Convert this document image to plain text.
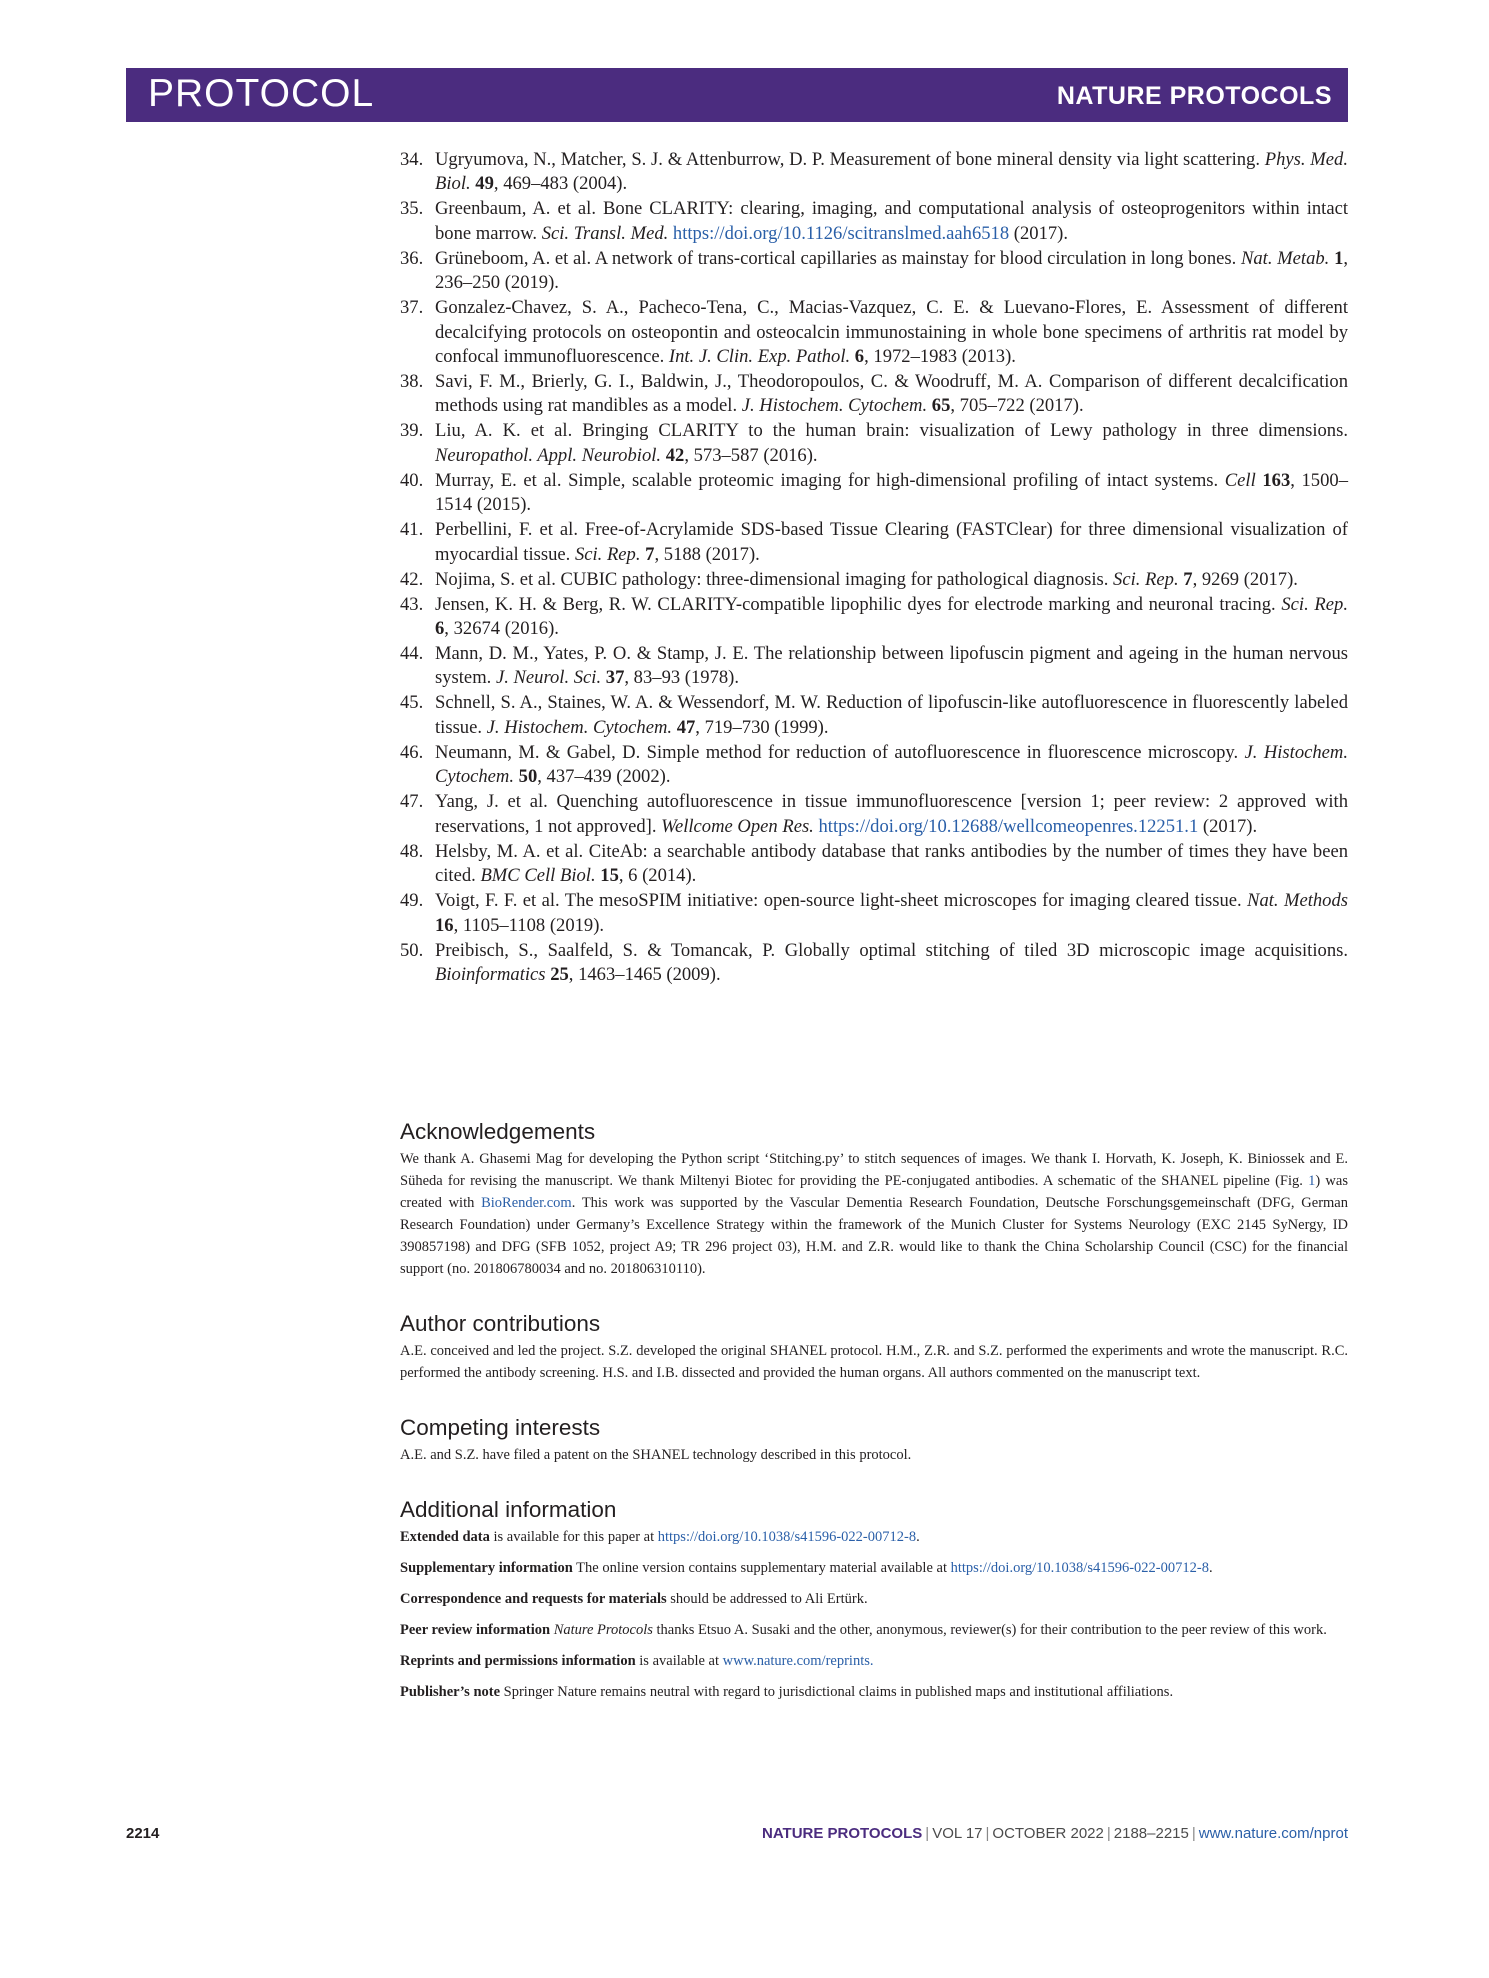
PROTOCOL	NATURE PROTOCOLS
34. Ugryumova, N., Matcher, S. J. & Attenburrow, D. P. Measurement of bone mineral density via light scattering. Phys. Med. Biol. 49, 469–483 (2004).
35. Greenbaum, A. et al. Bone CLARITY: clearing, imaging, and computational analysis of osteoprogenitors within intact bone marrow. Sci. Transl. Med. https://doi.org/10.1126/scitranslmed.aah6518 (2017).
36. Grüneboom, A. et al. A network of trans-cortical capillaries as mainstay for blood circulation in long bones. Nat. Metab. 1, 236–250 (2019).
37. Gonzalez-Chavez, S. A., Pacheco-Tena, C., Macias-Vazquez, C. E. & Luevano-Flores, E. Assessment of different decalcifying protocols on osteopontin and osteocalcin immunostaining in whole bone specimens of arthritis rat model by confocal immunofluorescence. Int. J. Clin. Exp. Pathol. 6, 1972–1983 (2013).
38. Savi, F. M., Brierly, G. I., Baldwin, J., Theodoropoulos, C. & Woodruff, M. A. Comparison of different decalcification methods using rat mandibles as a model. J. Histochem. Cytochem. 65, 705–722 (2017).
39. Liu, A. K. et al. Bringing CLARITY to the human brain: visualization of Lewy pathology in three dimensions. Neuropathol. Appl. Neurobiol. 42, 573–587 (2016).
40. Murray, E. et al. Simple, scalable proteomic imaging for high-dimensional profiling of intact systems. Cell 163, 1500–1514 (2015).
41. Perbellini, F. et al. Free-of-Acrylamide SDS-based Tissue Clearing (FASTClear) for three dimensional visualization of myocardial tissue. Sci. Rep. 7, 5188 (2017).
42. Nojima, S. et al. CUBIC pathology: three-dimensional imaging for pathological diagnosis. Sci. Rep. 7, 9269 (2017).
43. Jensen, K. H. & Berg, R. W. CLARITY-compatible lipophilic dyes for electrode marking and neuronal tracing. Sci. Rep. 6, 32674 (2016).
44. Mann, D. M., Yates, P. O. & Stamp, J. E. The relationship between lipofuscin pigment and ageing in the human nervous system. J. Neurol. Sci. 37, 83–93 (1978).
45. Schnell, S. A., Staines, W. A. & Wessendorf, M. W. Reduction of lipofuscin-like autofluorescence in fluorescently labeled tissue. J. Histochem. Cytochem. 47, 719–730 (1999).
46. Neumann, M. & Gabel, D. Simple method for reduction of autofluorescence in fluorescence microscopy. J. Histochem. Cytochem. 50, 437–439 (2002).
47. Yang, J. et al. Quenching autofluorescence in tissue immunofluorescence [version 1; peer review: 2 approved with reservations, 1 not approved]. Wellcome Open Res. https://doi.org/10.12688/wellcomeopenres.12251.1 (2017).
48. Helsby, M. A. et al. CiteAb: a searchable antibody database that ranks antibodies by the number of times they have been cited. BMC Cell Biol. 15, 6 (2014).
49. Voigt, F. F. et al. The mesoSPIM initiative: open-source light-sheet microscopes for imaging cleared tissue. Nat. Methods 16, 1105–1108 (2019).
50. Preibisch, S., Saalfeld, S. & Tomancak, P. Globally optimal stitching of tiled 3D microscopic image acquisitions. Bioinformatics 25, 1463–1465 (2009).
Acknowledgements

We thank A. Ghasemi Mag for developing the Python script ‘Stitching.py’ to stitch sequences of images. We thank I. Horvath, K. Joseph, K. Biniossek and E. Süheda for revising the manuscript. We thank Miltenyi Biotec for providing the PE-conjugated antibodies. A schematic of the SHANEL pipeline (Fig. 1) was created with BioRender.com. This work was supported by the Vascular Dementia Research Foundation, Deutsche Forschungsgemeinschaft (DFG, German Research Foundation) under Germany’s Excellence Strategy within the framework of the Munich Cluster for Systems Neurology (EXC 2145 SyNergy, ID 390857198) and DFG (SFB 1052, project A9; TR 296 project 03), H.M. and Z.R. would like to thank the China Scholarship Council (CSC) for the financial support (no. 201806780034 and no. 201806310110).

Author contributions

A.E. conceived and led the project. S.Z. developed the original SHANEL protocol. H.M., Z.R. and S.Z. performed the experiments and wrote the manuscript. R.C. performed the antibody screening. H.S. and I.B. dissected and provided the human organs. All authors commented on the manuscript text.

Competing interests

A.E. and S.Z. have filed a patent on the SHANEL technology described in this protocol.

Additional information

Extended data is available for this paper at https://doi.org/10.1038/s41596-022-00712-8.

Supplementary information The online version contains supplementary material available at https://doi.org/10.1038/s41596-022-00712-8.

Correspondence and requests for materials should be addressed to Ali Ertürk.

Peer review information Nature Protocols thanks Etsuo A. Susaki and the other, anonymous, reviewer(s) for their contribution to the peer review of this work.

Reprints and permissions information is available at www.nature.com/reprints.

Publisher’s note Springer Nature remains neutral with regard to jurisdictional claims in published maps and institutional affiliations.

2214	NATURE PROTOCOLS | VOL 17 | OCTOBER 2022 | 2188–2215 | www.nature.com/nprot
